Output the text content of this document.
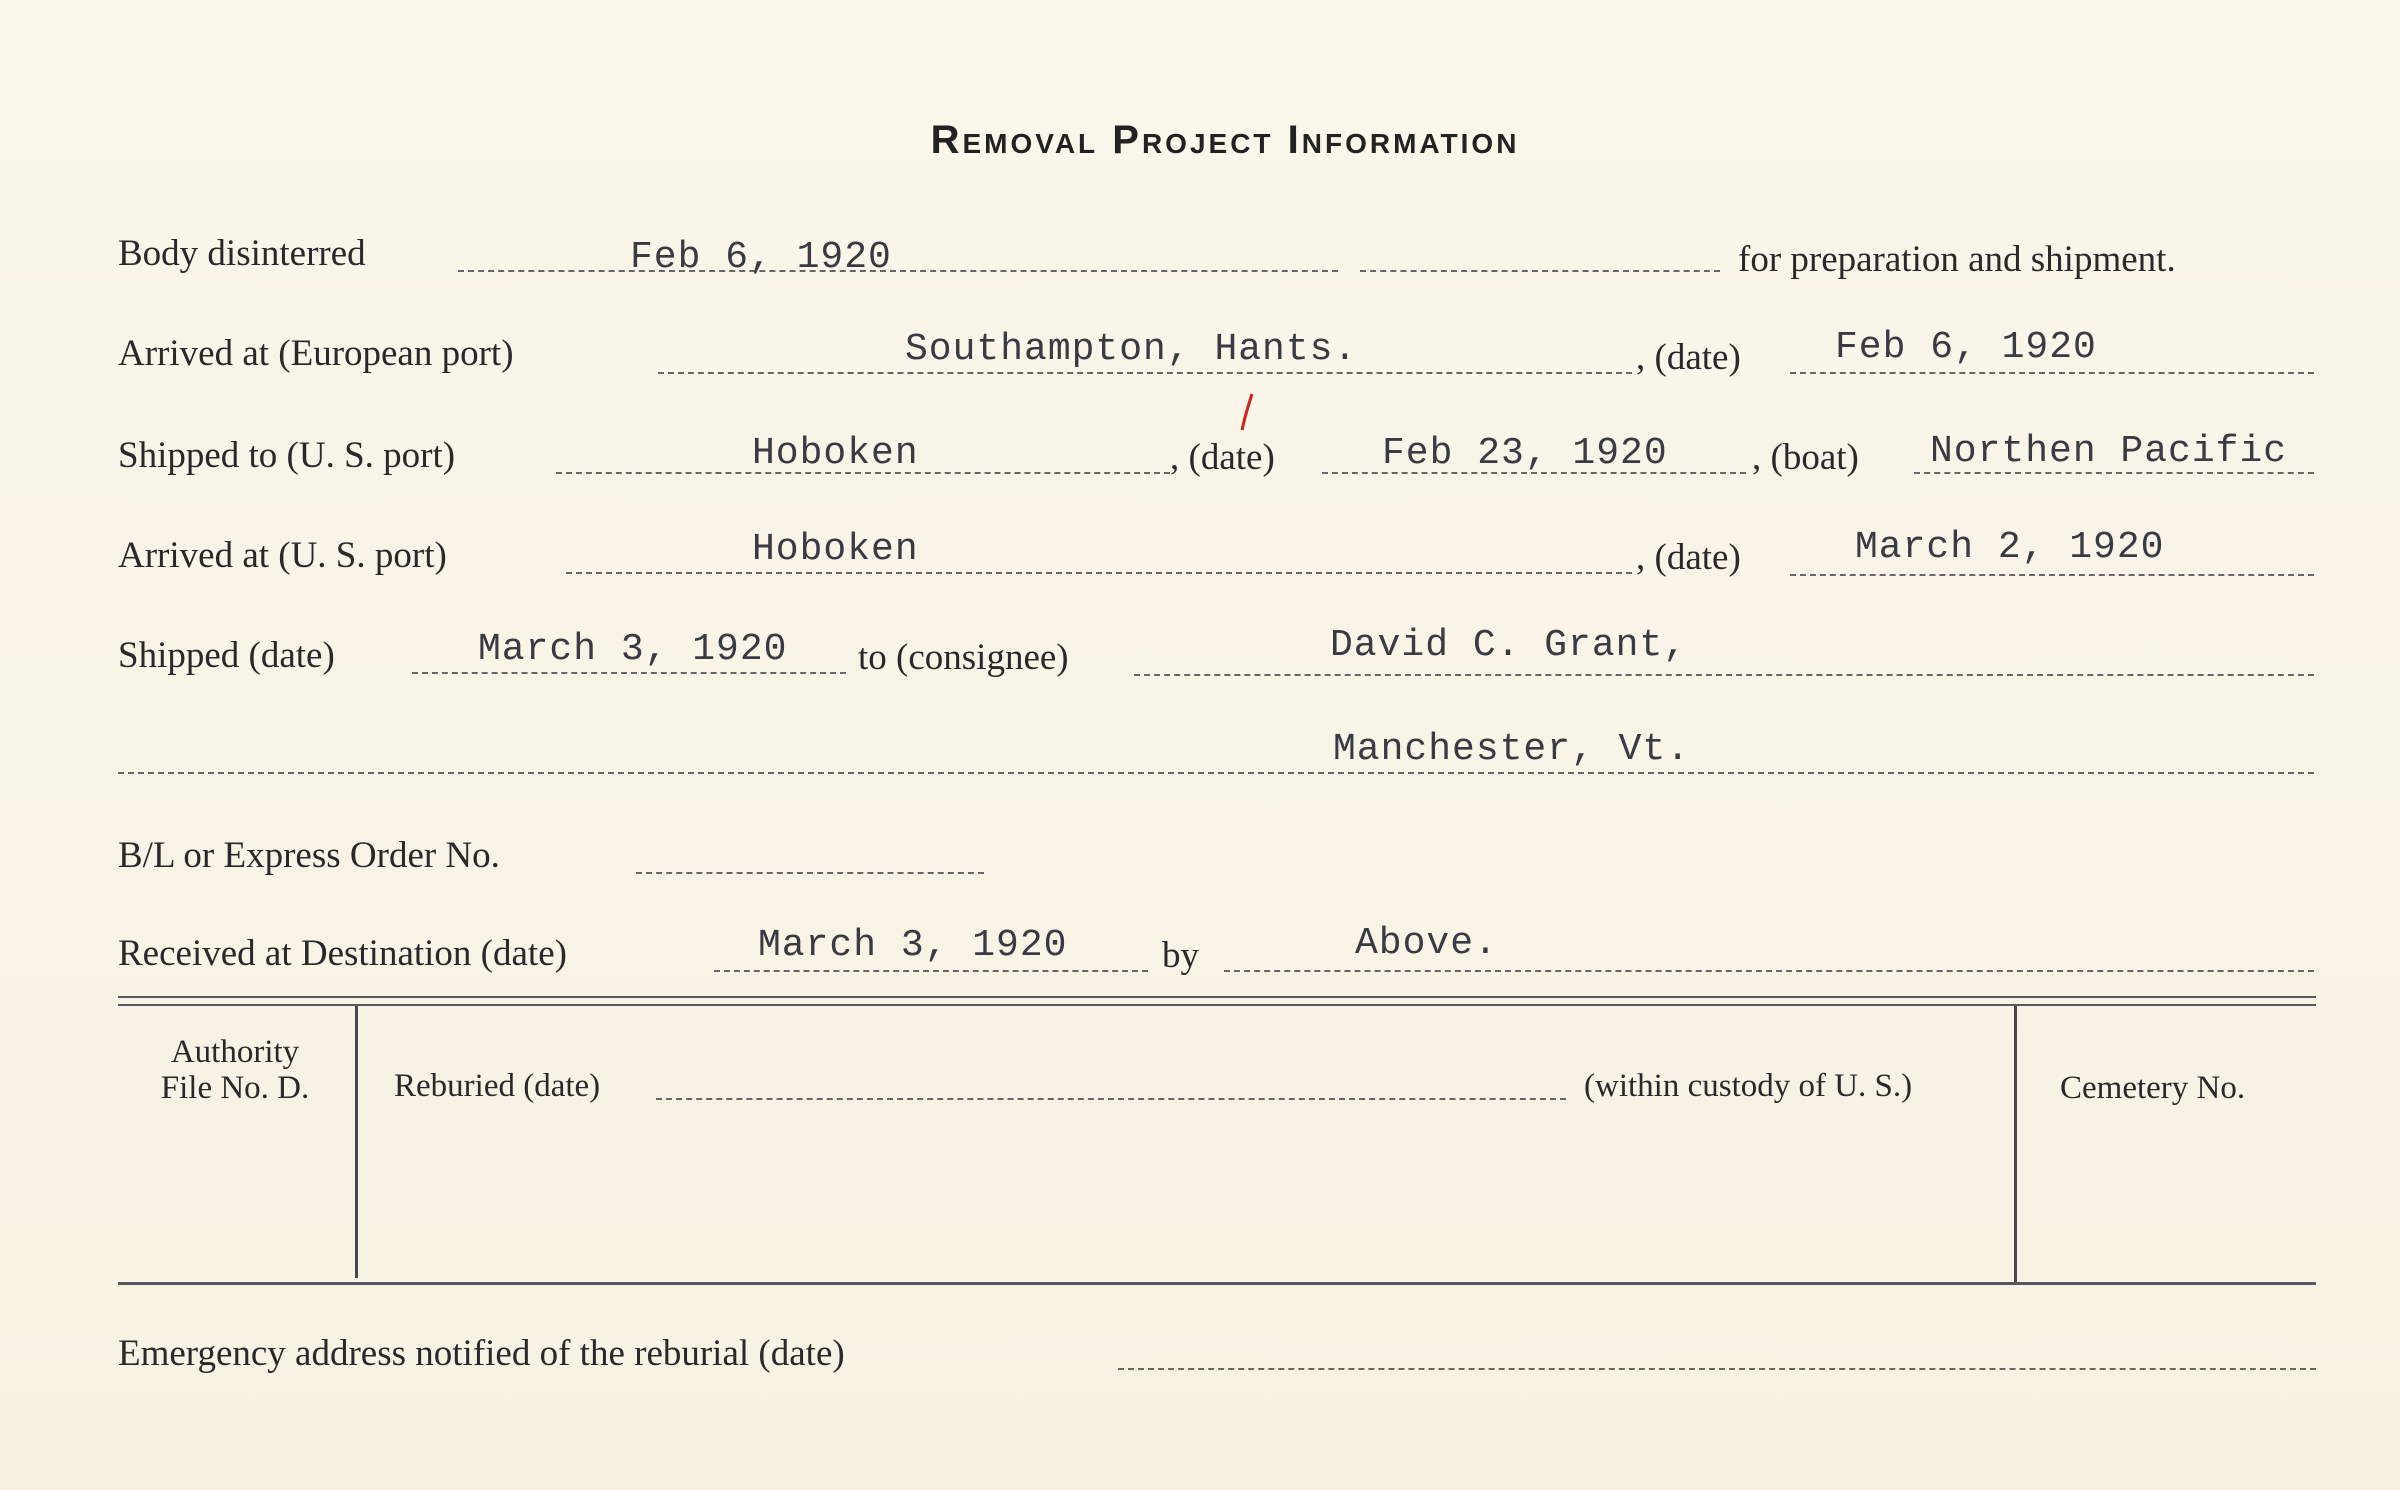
Removal Project Information
Body disinterred	Feb 6, 1920	for preparation and shipment.
Arrived at (European port)	Southampton, Hants.	, (date) Feb 6, 1920
Shipped to (U. S. port)	Hoboken	, (date)	Feb 23, 1920 , (boat) Northen Pacific
Arrived at (U. S. port)	Hoboken	, (date)	March 2, 1920
Shipped (date)	March 3, 1920 to (consignee)	David C. Grant,
Manchester, Vt.
B/L or Express Order No.
Received at Destination (date)	March 3, 1920	by	Above.
Authority
File No. D.	Reburied (date)	(within custody of U. S.)	Cemetery No.
Emergency address notified of the reburial (date)
